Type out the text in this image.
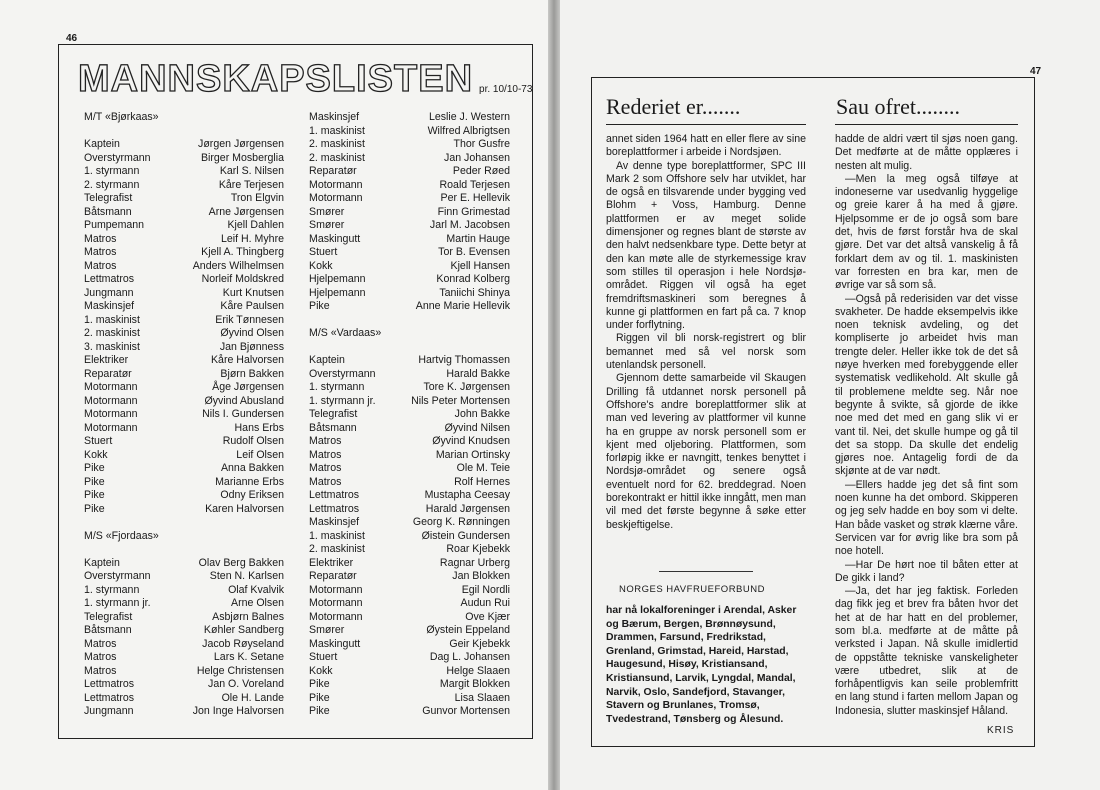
46
MANNSKAPSLISTEN pr. 10/10-73
M/T «Bjørkaas»
Kaptein	Jørgen Jørgensen
Overstyrmann	Birger Mosberglia
1. styrmann	Karl S. Nilsen
2. styrmann	Kåre Terjesen
Telegrafist	Tron Elgvin
Båtsmann	Arne Jørgensen
Pumpemann	Kjell Dahlen
Matros	Leif H. Myhre
Matros	Kjell A. Thingberg
Matros	Anders Wilhelmsen
Lettmatros	Norleif Moldskred
Jungmann	Kurt Knutsen
Maskinsjef	Kåre Paulsen
1. maskinist	Erik Tønnesen
2. maskinist	Øyvind Olsen
3. maskinist	Jan Bjønness
Elektriker	Kåre Halvorsen
Reparatør	Bjørn Bakken
Motormann	Åge Jørgensen
Motormann	Øyvind Abusland
Motormann	Nils I. Gundersen
Motormann	Hans Erbs
Stuert	Rudolf Olsen
Kokk	Leif Olsen
Pike	Anna Bakken
Pike	Marianne Erbs
Pike	Odny Eriksen
Pike	Karen Halvorsen
M/S «Fjordaas»
Kaptein	Olav Berg Bakken
Overstyrmann	Sten N. Karlsen
1. styrmann	Olaf Kvalvik
1. styrmann jr.	Arne Olsen
Telegrafist	Asbjørn Balnes
Båtsmann	Køhler Sandberg
Matros	Jacob Røyseland
Matros	Lars K. Setane
Matros	Helge Christensen
Lettmatros	Jan O. Voreland
Lettmatros	Ole H. Lande
Jungmann	Jon Inge Halvorsen
Maskinsjef	Leslie J. Western
1. maskinist	Wilfred Albrigtsen
2. maskinist	Thor Gusfre
2. maskinist	Jan Johansen
Reparatør	Peder Røed
Motormann	Roald Terjesen
Motormann	Per E. Hellevik
Smører	Finn Grimestad
Smører	Jarl M. Jacobsen
Maskingutt	Martin Hauge
Stuert	Tor B. Evensen
Kokk	Kjell Hansen
Hjelpemann	Konrad Kolberg
Hjelpemann	Taniichi Shinya
Pike	Anne Marie Hellevik
M/S «Vardaas»
Kaptein	Hartvig Thomassen
Overstyrmann	Harald Bakke
1. styrmann	Tore K. Jørgensen
1. styrmann jr.	Nils Peter Mortensen
Telegrafist	John Bakke
Båtsmann	Øyvind Nilsen
Matros	Øyvind Knudsen
Matros	Marian Ortinsky
Matros	Ole M. Teie
Matros	Rolf Hernes
Lettmatros	Mustapha Ceesay
Lettmatros	Harald Jørgensen
Maskinsjef	Georg K. Rønningen
1. maskinist	Øistein Gundersen
2. maskinist	Roar Kjebekk
Elektriker	Ragnar Urberg
Reparatør	Jan Blokken
Motormann	Egil Nordli
Motormann	Audun Rui
Motormann	Ove Kjær
Smører	Øystein Eppeland
Maskingutt	Geir Kjebekk
Stuert	Dag L. Johansen
Kokk	Helge Slaaen
Pike	Margit Blokken
Pike	Lisa Slaaen
Pike	Gunvor Mortensen
47
Rederiet er.......

annet siden 1964 hatt en eller flere av sine boreplattformer i arbeide i Nordsjøen.

Av denne type boreplattformer, SPC III Mark 2 som Offshore selv har utviklet, har de også en tilsvarende under bygging ved Blohm + Voss, Hamburg. Denne plattformen er av meget solide dimensjoner og regnes blant de største av den halvt nedsenkbare type. Dette betyr at den kan møte alle de styrkemessige krav som stilles til operasjon i hele Nordsjø-området. Riggen vil også ha eget fremdriftsmaskineri som beregnes å kunne gi plattformen en fart på ca. 7 knop under forflytning.

Riggen vil bli norsk-registrert og blir bemannet med så vel norsk som utenlandsk personell.

Gjennom dette samarbeide vil Skaugen Drilling få utdannet norsk personell på Offshore's andre boreplattformer slik at man ved levering av plattformer vil kunne ha en gruppe av norsk personell som er kjent med oljeboring. Plattformen, som forløpig ikke er navngitt, tenkes benyttet i Nordsjø-området og senere også eventuelt nord for 62. breddegrad. Noen borekontrakt er hittil ikke inngått, men man vil med det første begynne å søke etter beskjeftigelse.

NORGES HAVFRUEFORBUND
har nå lokalforeninger i Arendal, Asker og Bærum, Bergen, Brønnøysund, Drammen, Farsund, Fredrikstad, Grenland, Grimstad, Hareid, Harstad, Haugesund, Hisøy, Kristiansand, Kristiansund, Larvik, Lyngdal, Mandal, Narvik, Oslo, Sandefjord, Stavanger, Stavern og Brunlanes, Tromsø, Tvedestrand, Tønsberg og Ålesund.
Sau ofret........

hadde de aldri vært til sjøs noen gang. Det medførte at de måtte opplæres i nesten alt mulig.

—Men la meg også tilføye at indoneserne var usedvanlig hyggelige og greie karer å ha med å gjøre. Hjelpsomme er de jo også som bare det, hvis de først forstår hva de skal gjøre. Det var det altså vanskelig å få forklart dem av og til. 1. maskinisten var forresten en bra kar, men de øvrige var så som så.

—Også på rederisiden var det visse svakheter. De hadde eksempelvis ikke noen teknisk avdeling, og det kompliserte jo arbeidet hvis man trengte deler. Heller ikke tok de det så nøye hverken med forebyggende eller systematisk vedlikehold. Alt skulle gå til problemene meldte seg. Når noe begynte å svikte, så gjorde de ikke noe med det med en gang slik vi er vant til. Nei, det skulle humpe og gå til det sa stopp. Da skulle det endelig gjøres noe. Antagelig fordi de da skjønte at de var nødt.

—Ellers hadde jeg det så fint som noen kunne ha det ombord. Skipperen og jeg selv hadde en boy som vi delte. Han både vasket og strøk klærne våre. Servicen var for øvrig like bra som på noe hotell.

—Har De hørt noe til båten etter at De gikk i land?

—Ja, det har jeg faktisk. Forleden dag fikk jeg et brev fra båten hvor det het at de har hatt en del problemer, som bl.a. medførte at de måtte på verksted i Japan. Nå skulle imidlertid de oppståtte tekniske vanskeligheter være utbedret, slik at de forhåpentligvis kan seile problemfritt en lang stund i farten mellom Japan og Indonesia, slutter maskinsjef Håland.

KRIS
